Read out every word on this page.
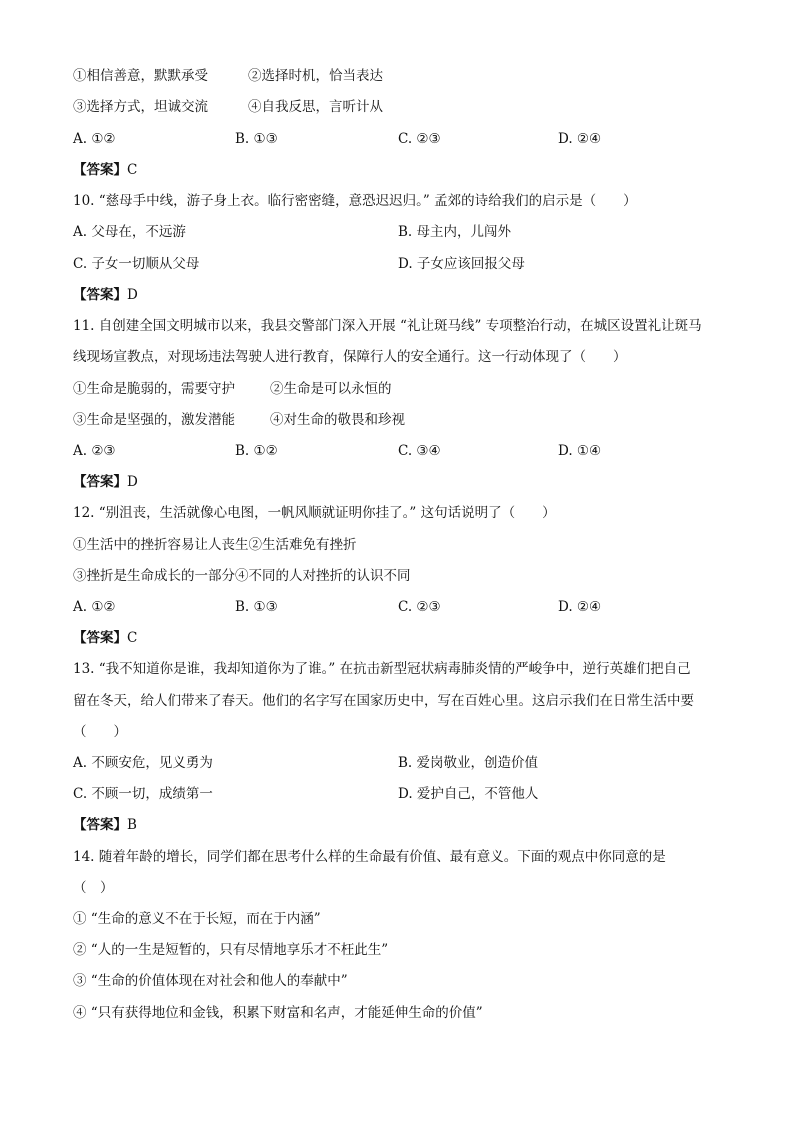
①相信善意，默默承受	②选择时机，恰当表达
③选择方式，坦诚交流	④自我反思，言听计从
A. ①②	B. ①③	C. ②③	D. ②④
【答案】C
10. “慈母手中线，游子身上衣。临行密密缝，意恐迟迟归。” 孟郊的诗给我们的启示是（　　）
A. 父母在，不远游	B. 母主内，儿闯外
C. 子女一切顺从父母	D. 子女应该回报父母
【答案】D
11. 自创建全国文明城市以来，我县交警部门深入开展 “礼让斑马线” 专项整治行动，在城区设置礼让斑马
线现场宣教点，对现场违法驾驶人进行教育，保障行人的安全通行。这一行动体现了（　　）
①生命是脆弱的，需要守护	②生命是可以永恒的
③生命是坚强的，激发潜能	④对生命的敬畏和珍视
A. ②③	B. ①②	C. ③④	D. ①④
【答案】D
12. “别沮丧，生活就像心电图，一帆风顺就证明你挂了。” 这句话说明了（　　）
①生活中的挫折容易让人丧生②生活难免有挫折
③挫折是生命成长的一部分④不同的人对挫折的认识不同
A. ①②	B. ①③	C. ②③	D. ②④
【答案】C
13. “我不知道你是谁，我却知道你为了谁。” 在抗击新型冠状病毒肺炎情的严峻争中，逆行英雄们把自己
留在冬天，给人们带来了春天。他们的名字写在国家历史中，写在百姓心里。这启示我们在日常生活中要
（　　）
A. 不顾安危，见义勇为	B. 爱岗敬业，创造价值
C. 不顾一切，成绩第一	D. 爱护自己，不管他人
【答案】B
14. 随着年龄的增长，同学们都在思考什么样的生命最有价值、最有意义。下面的观点中你同意的是
（　）
① “生命的意义不在于长短，而在于内涵”
② “人的一生是短暂的，只有尽情地享乐才不枉此生”
③ “生命的价值体现在对社会和他人的奉献中”
④ “只有获得地位和金钱，积累下财富和名声，才能延伸生命的价值”
